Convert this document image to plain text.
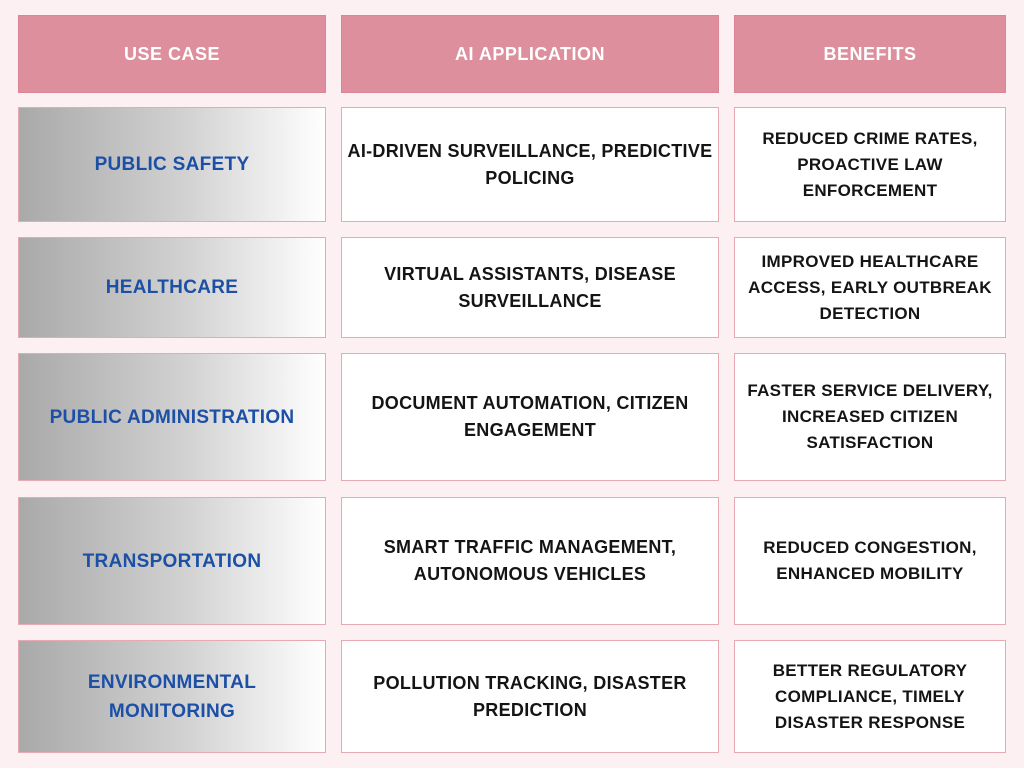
USE CASE	AI APPLICATION	BENEFITS
PUBLIC SAFETY
AI-DRIVEN SURVEILLANCE, PREDICTIVE POLICING
REDUCED CRIME RATES, PROACTIVE LAW ENFORCEMENT
HEALTHCARE
VIRTUAL ASSISTANTS, DISEASE SURVEILLANCE
IMPROVED HEALTHCARE ACCESS, EARLY OUTBREAK DETECTION
PUBLIC ADMINISTRATION
DOCUMENT AUTOMATION, CITIZEN ENGAGEMENT
FASTER SERVICE DELIVERY, INCREASED CITIZEN SATISFACTION
TRANSPORTATION
SMART TRAFFIC MANAGEMENT, AUTONOMOUS VEHICLES
REDUCED CONGESTION, ENHANCED MOBILITY
ENVIRONMENTAL MONITORING
POLLUTION TRACKING, DISASTER PREDICTION
BETTER REGULATORY COMPLIANCE, TIMELY DISASTER RESPONSE
